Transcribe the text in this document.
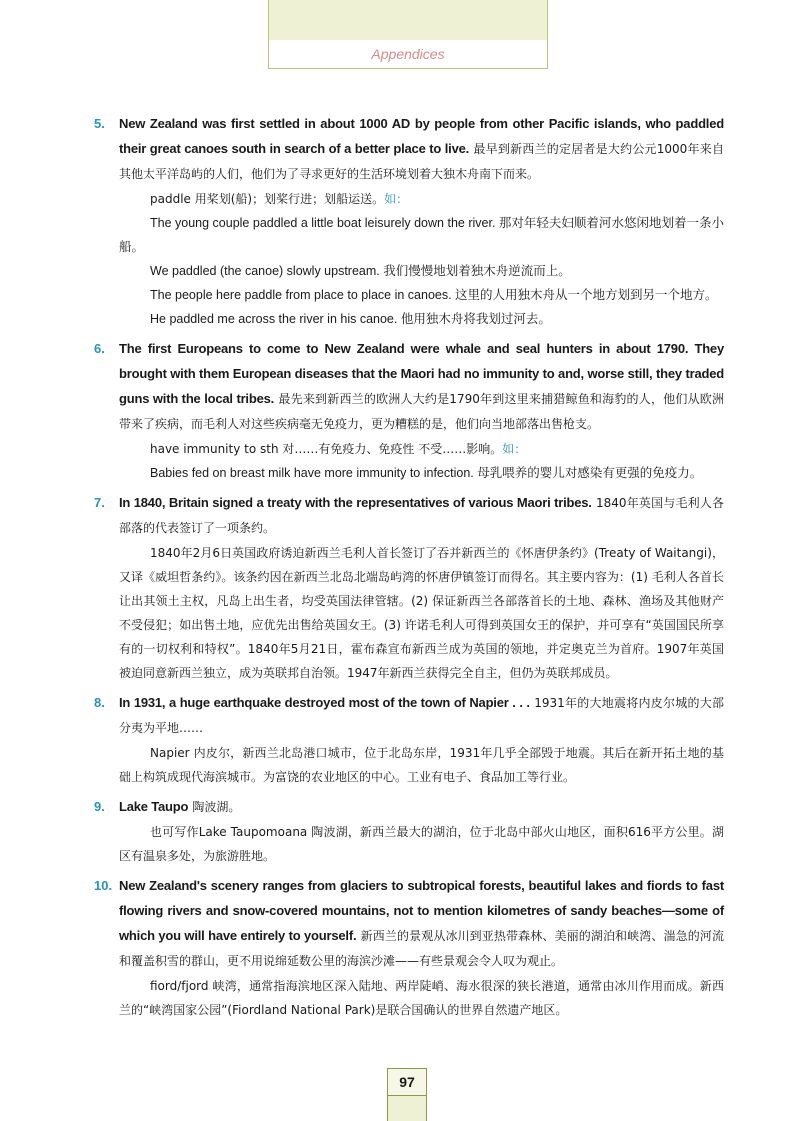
Appendices
5.	New Zealand was first settled in about 1000 AD by people from other Pacific islands, who paddled their great canoes south in search of a better place to live. 最早到新西兰的定居者是大约公元1000年来自其他太平洋岛屿的人们，他们为了寻求更好的生活环境划着大独木舟南下而来。
paddle 用桨划(船)；划桨行进；划船运送。如：
The young couple paddled a little boat leisurely down the river. 那对年轻夫妇顺着河水悠闲地划着一条小船。
We paddled (the canoe) slowly upstream. 我们慢慢地划着独木舟逆流而上。
The people here paddle from place to place in canoes. 这里的人用独木舟从一个地方划到另一个地方。
He paddled me across the river in his canoe. 他用独木舟将我划过河去。
6.	The first Europeans to come to New Zealand were whale and seal hunters in about 1790. They brought with them European diseases that the Maori had no immunity to and, worse still, they traded guns with the local tribes. 最先来到新西兰的欧洲人大约是1790年到这里来捕猎鲸鱼和海豹的人，他们从欧洲带来了疾病，而毛利人对这些疾病毫无免疫力，更为糟糕的是，他们向当地部落出售枪支。
have immunity to sth 对……有免疫力、免疫性 不受……影响。如：
Babies fed on breast milk have more immunity to infection. 母乳喂养的婴儿对感染有更强的免疫力。
7.	In 1840, Britain signed a treaty with the representatives of various Maori tribes. 1840年英国与毛利人各部落的代表签订了一项条约。
1840年2月6日英国政府诱迫新西兰毛利人首长签订了吞并新西兰的《怀唐伊条约》(Treaty of Waitangi)，又译《威坦哲条约》。该条约因在新西兰北岛北端岛屿湾的怀唐伊镇签订而得名。其主要内容为：(1) 毛利人各首长让出其领土主权，凡岛上出生者，均受英国法律管辖。(2) 保证新西兰各部落首长的土地、森林、渔场及其他财产不受侵犯；如出售土地，应优先出售给英国女王。(3) 许诺毛利人可得到英国女王的保护，并可享有“英国国民所享有的一切权利和特权”。1840年5月21日，霍布森宣布新西兰成为英国的领地，并定奥克兰为首府。1907年英国被迫同意新西兰独立，成为英联邦自治领。1947年新西兰获得完全自主，但仍为英联邦成员。
8.	In 1931, a huge earthquake destroyed most of the town of Napier . . . 1931年的大地震将内皮尔城的大部分夷为平地……
Napier 内皮尔，新西兰北岛港口城市，位于北岛东岸，1931年几乎全部毁于地震。其后在新开拓土地的基础上构筑成现代海滨城市。为富饶的农业地区的中心。工业有电子、食品加工等行业。
9.	Lake Taupo 陶波湖。
也可写作Lake Taupomoana 陶波湖，新西兰最大的湖泊，位于北岛中部火山地区，面积616平方公里。湖区有温泉多处，为旅游胜地。
10. New Zealand's scenery ranges from glaciers to subtropical forests, beautiful lakes and fiords to fast flowing rivers and snow-covered mountains, not to mention kilometres of sandy beaches—some of which you will have entirely to yourself. 新西兰的景观从冰川到亚热带森林、美丽的湖泊和峡湾、湍急的河流和覆盖积雪的群山，更不用说绵延数公里的海滨沙滩——有些景观会令人叹为观止。
fiord/fjord 峡湾，通常指海滨地区深入陆地、两岸陡峭、海水很深的狭长港道，通常由冰川作用而成。新西兰的“峡湾国家公园”(Fiordland National Park)是联合国确认的世界自然遗产地区。
97
